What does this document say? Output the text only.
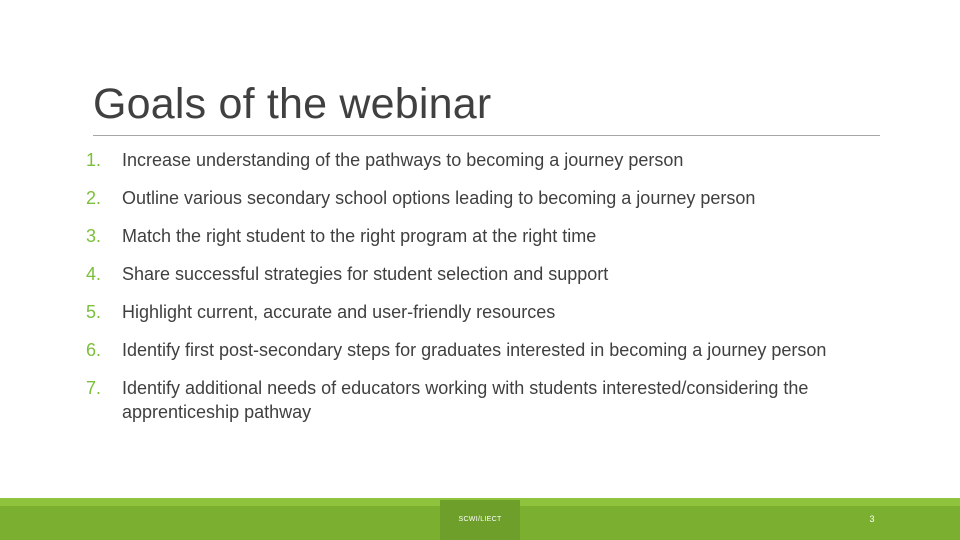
Goals of the webinar
1.	Increase understanding of the pathways to becoming a journey person
2.	Outline various secondary school options leading to becoming a journey person
3.	Match the right student to the right program at the right time
4.	Share successful strategies for student selection and support
5.	Highlight current, accurate and user-friendly resources
6.	Identify first post-secondary steps for graduates interested in becoming a journey person
7.	Identify additional needs of educators working with students interested/considering the apprenticeship pathway
SCWI/LIECT	3
